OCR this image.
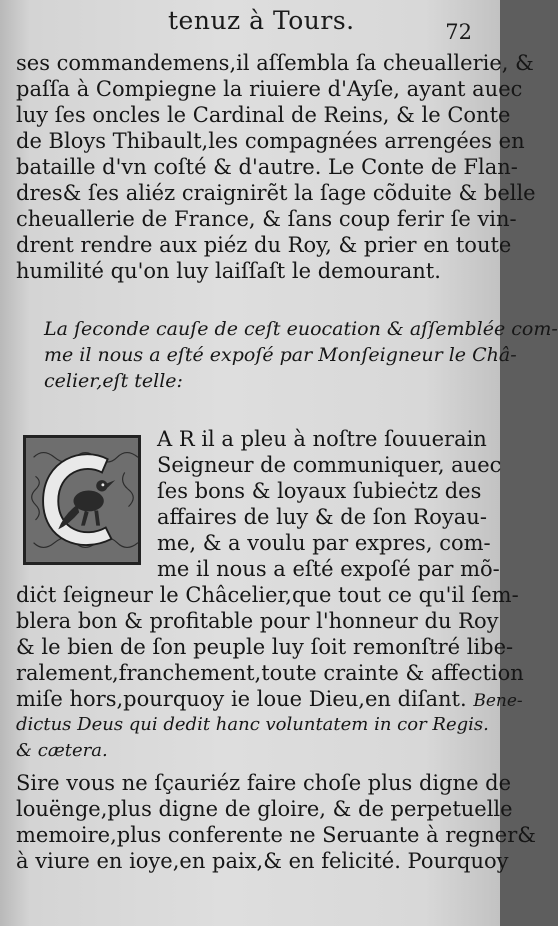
tenuz à Tours.	72
ses commandemens,il aſſembla ſa cheuallerie, &
paſſa à Compiegne la riuiere d'Ayſe, ayant auec
luy ſes oncles le Cardinal de Reins, & le Conte
de Bloys Thibault,les compagnées arrengées en
bataille d'vn coſté & d'autre. Le Conte de Flan-
dres& ſes aliéz craignirẽt la ſage cõduite & belle
cheuallerie de France, & ſans coup ferir ſe vin-
drent rendre aux piéz du Roy, & prier en toute
humilité qu'on luy laiſſaſt le demourant.
La ſeconde cauſe de ceſt euocation & aſſemblée com-
me il nous a eſté expoſé par Monſeigneur le Châ-
celier,eſt telle:
A R il a pleu à noſtre ſouuerain
Seigneur de communiquer, auec
ſes bons & loyaux ſubieċtz des
affaires de luy & de ſon Royau-
me, & a voulu par expres, com-
me il nous a eſté expoſé par mõ-
diċt ſeigneur le Châcelier,que tout ce qu'il ſem-
blera bon & profitable pour l'honneur du Roy
& le bien de ſon peuple luy ſoit remonſtré libe-
ralement,franchement,toute crainte & affection
miſe hors,pourquoy ie loue Dieu,en diſant. Bene-
dictus Deus qui dedit hanc voluntatem in cor Regis.
& cætera.
Sire vous ne ſçauriéz faire choſe plus digne de
louënge,plus digne de gloire, & de perpetuelle
memoire,plus conferente ne Seruante à regner&
à viure en ioye,en paix,& en felicité. Pourquoy
